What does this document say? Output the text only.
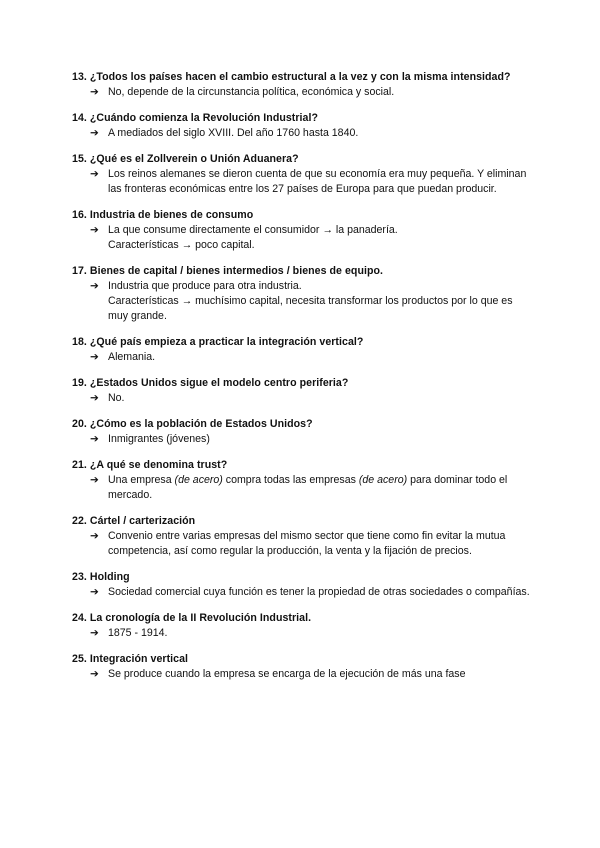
13. ¿Todos los países hacen el cambio estructural a la vez y con la misma intensidad?

➔ No, depende de la circunstancia política, económica y social.

14. ¿Cuándo comienza la Revolución Industrial?

➔ A mediados del siglo XVIII. Del año 1760 hasta 1840.

15. ¿Qué es el Zollverein o Unión Aduanera?

➔ Los reinos alemanes se dieron cuenta de que su economía era muy pequeña. Y eliminan las fronteras económicas entre los 27 países de Europa para que puedan producir.

16. Industria de bienes de consumo

➔ La que consume directamente el consumidor → la panadería.
Características → poco capital.

17. Bienes de capital / bienes intermedios / bienes de equipo.

➔ Industria que produce para otra industria.
Características → muchísimo capital, necesita transformar los productos por lo que es muy grande.

18. ¿Qué país empieza a practicar la integración vertical?

➔ Alemania.

19. ¿Estados Unidos sigue el modelo centro periferia?

➔ No.

20. ¿Cómo es la población de Estados Unidos?

➔ Inmigrantes (jóvenes)

21. ¿A qué se denomina trust?

➔ Una empresa (de acero) compra todas las empresas (de acero) para dominar todo el mercado.

22. Cártel / carterización

➔ Convenio entre varias empresas del mismo sector que tiene como fin evitar la mutua competencia, así como regular la producción, la venta y la fijación de precios.

23. Holding

➔ Sociedad comercial cuya función es tener la propiedad de otras sociedades o compañías.

24. La cronología de la II Revolución Industrial.

➔ 1875 - 1914.

25. Integración vertical

➔ Se produce cuando la empresa se encarga de la ejecución de más una fase
